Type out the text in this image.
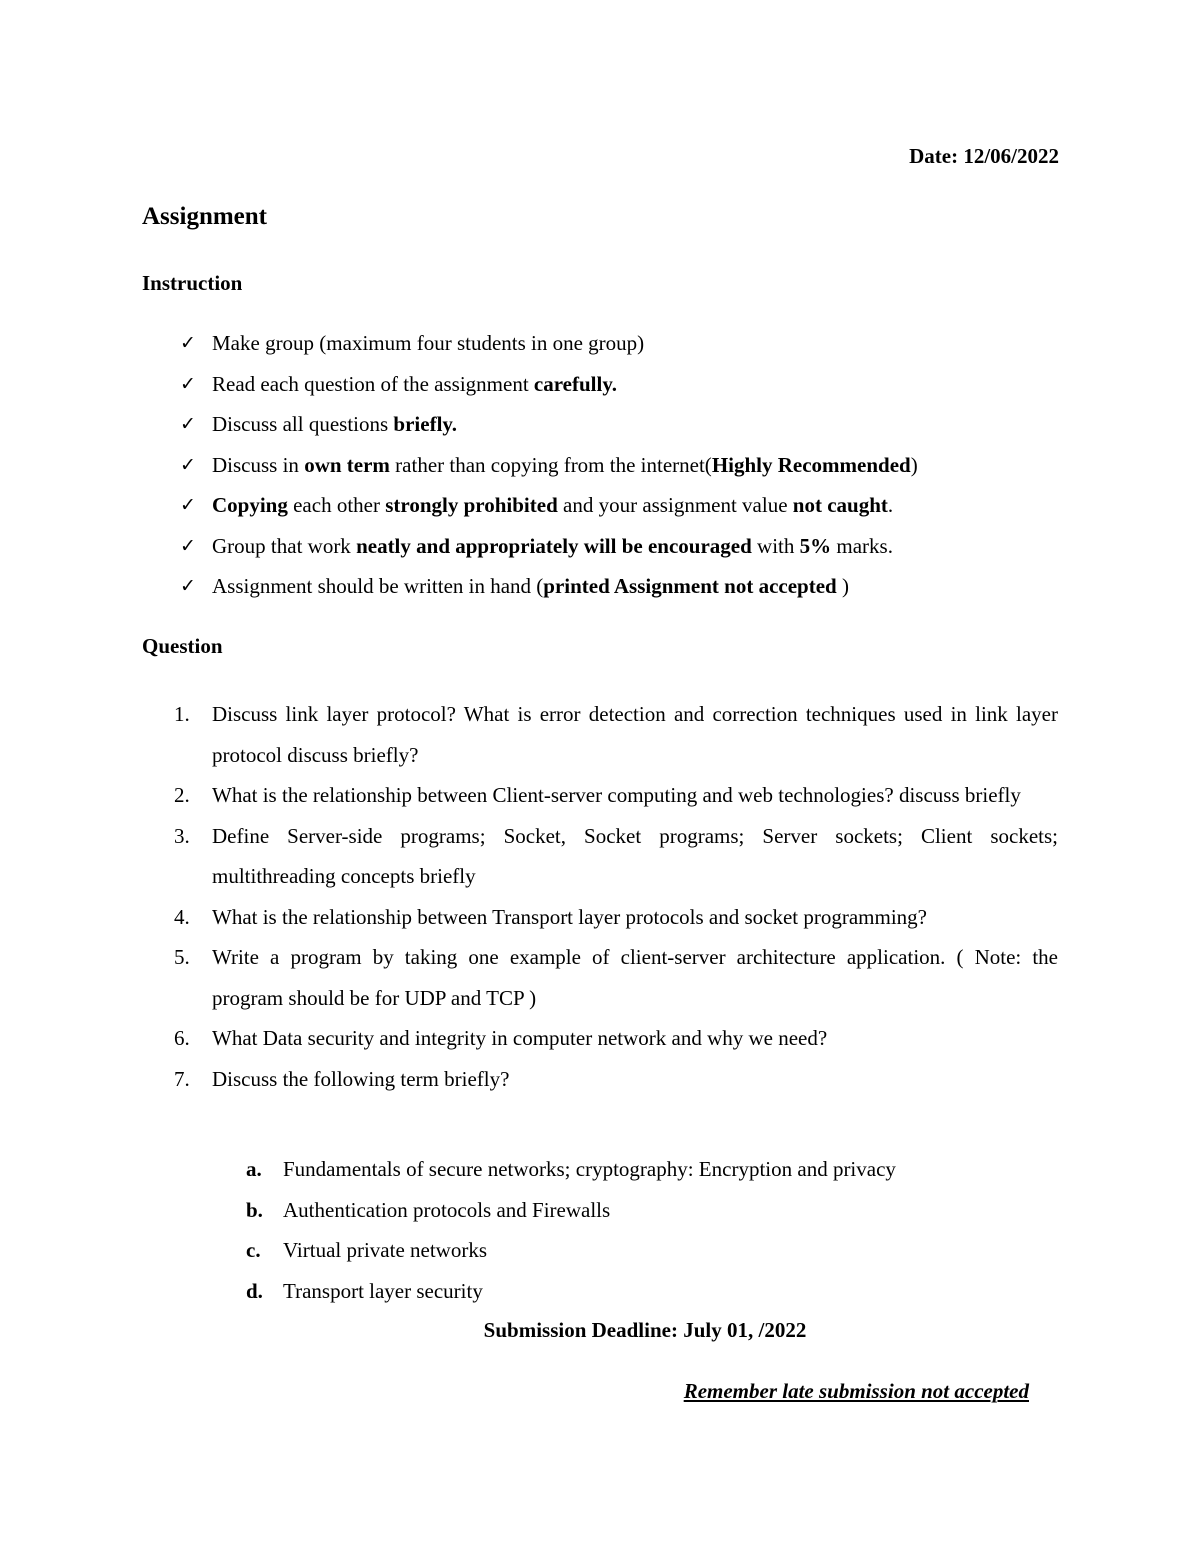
Date: 12/06/2022
Assignment
Instruction
✓ Make group (maximum four students in one group)
✓ Read each question of the assignment carefully.
✓ Discuss all questions briefly.
✓ Discuss in own term rather than copying from the internet(Highly Recommended)
✓ Copying each other strongly prohibited and your assignment value not caught.
✓ Group that work neatly and appropriately will be encouraged with 5% marks.
✓ Assignment should be written in hand (printed Assignment not accepted )
Question
1. Discuss link layer protocol? What is error detection and correction techniques used in link layer protocol discuss briefly?
2. What is the relationship between Client-server computing and web technologies? discuss briefly
3. Define Server-side programs; Socket, Socket programs; Server sockets; Client sockets; multithreading concepts briefly
4. What is the relationship between Transport layer protocols and socket programming?
5. Write a program by taking one example of client-server architecture application. ( Note: the program should be for UDP and TCP )
6. What Data security and integrity in computer network and why we need?
7. Discuss the following term briefly?
a. Fundamentals of secure networks; cryptography: Encryption and privacy
b. Authentication protocols and Firewalls
c. Virtual private networks
d. Transport layer security
Submission Deadline: July 01, /2022
Remember late submission not accepted
